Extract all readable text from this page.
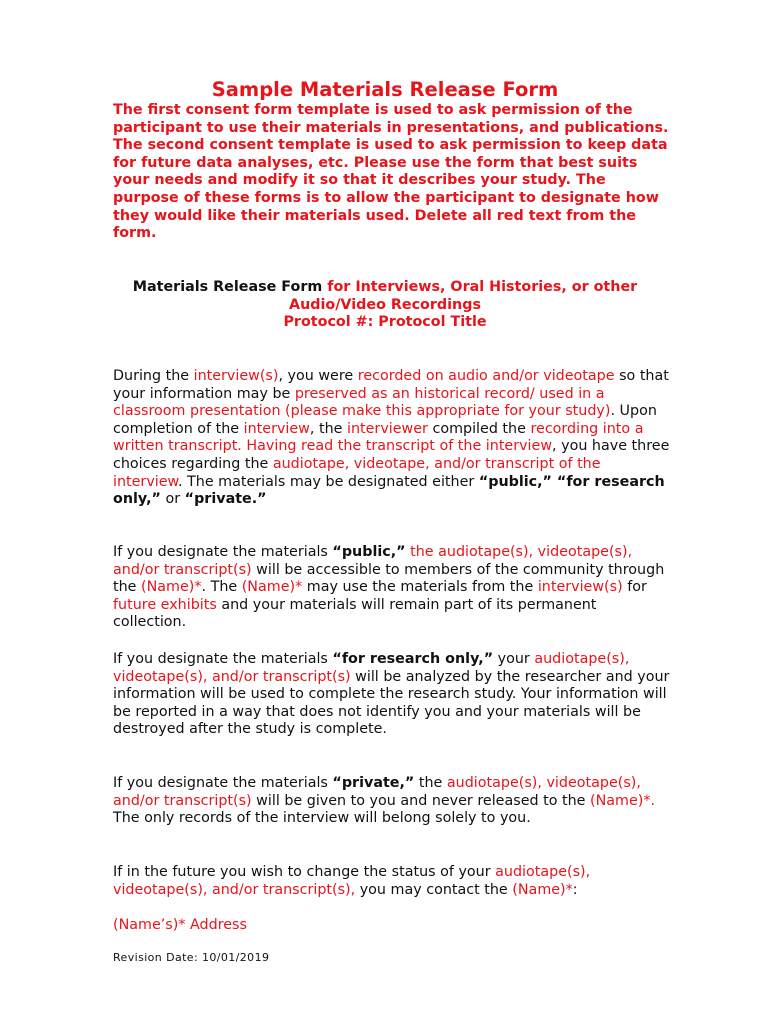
Sample Materials Release Form
The first consent form template is used to ask permission of the participant to use their materials in presentations, and publications. The second consent template is used to ask permission to keep data for future data analyses, etc. Please use the form that best suits your needs and modify it so that it describes your study. The purpose of these forms is to allow the participant to designate how they would like their materials used. Delete all red text from the form.
Materials Release Form for Interviews, Oral Histories, or other Audio/Video Recordings
Protocol #: Protocol Title
During the interview(s), you were recorded on audio and/or videotape so that your information may be preserved as an historical record/ used in a classroom presentation (please make this appropriate for your study). Upon completion of the interview, the interviewer compiled the recording into a written transcript. Having read the transcript of the interview, you have three choices regarding the audiotape, videotape, and/or transcript of the interview. The materials may be designated either “public,” “for research only,” or “private.”
If you designate the materials “public,” the audiotape(s), videotape(s), and/or transcript(s) will be accessible to members of the community through the (Name)*. The (Name)* may use the materials from the interview(s) for future exhibits and your materials will remain part of its permanent collection.
If you designate the materials “for research only,” your audiotape(s), videotape(s), and/or transcript(s) will be analyzed by the researcher and your information will be used to complete the research study. Your information will be reported in a way that does not identify you and your materials will be destroyed after the study is complete.
If you designate the materials “private,” the audiotape(s), videotape(s), and/or transcript(s) will be given to you and never released to the (Name)*. The only records of the interview will belong solely to you.
If in the future you wish to change the status of your audiotape(s), videotape(s), and/or transcript(s), you may contact the (Name)*:
(Name’s)* Address
Revision Date: 10/01/2019
